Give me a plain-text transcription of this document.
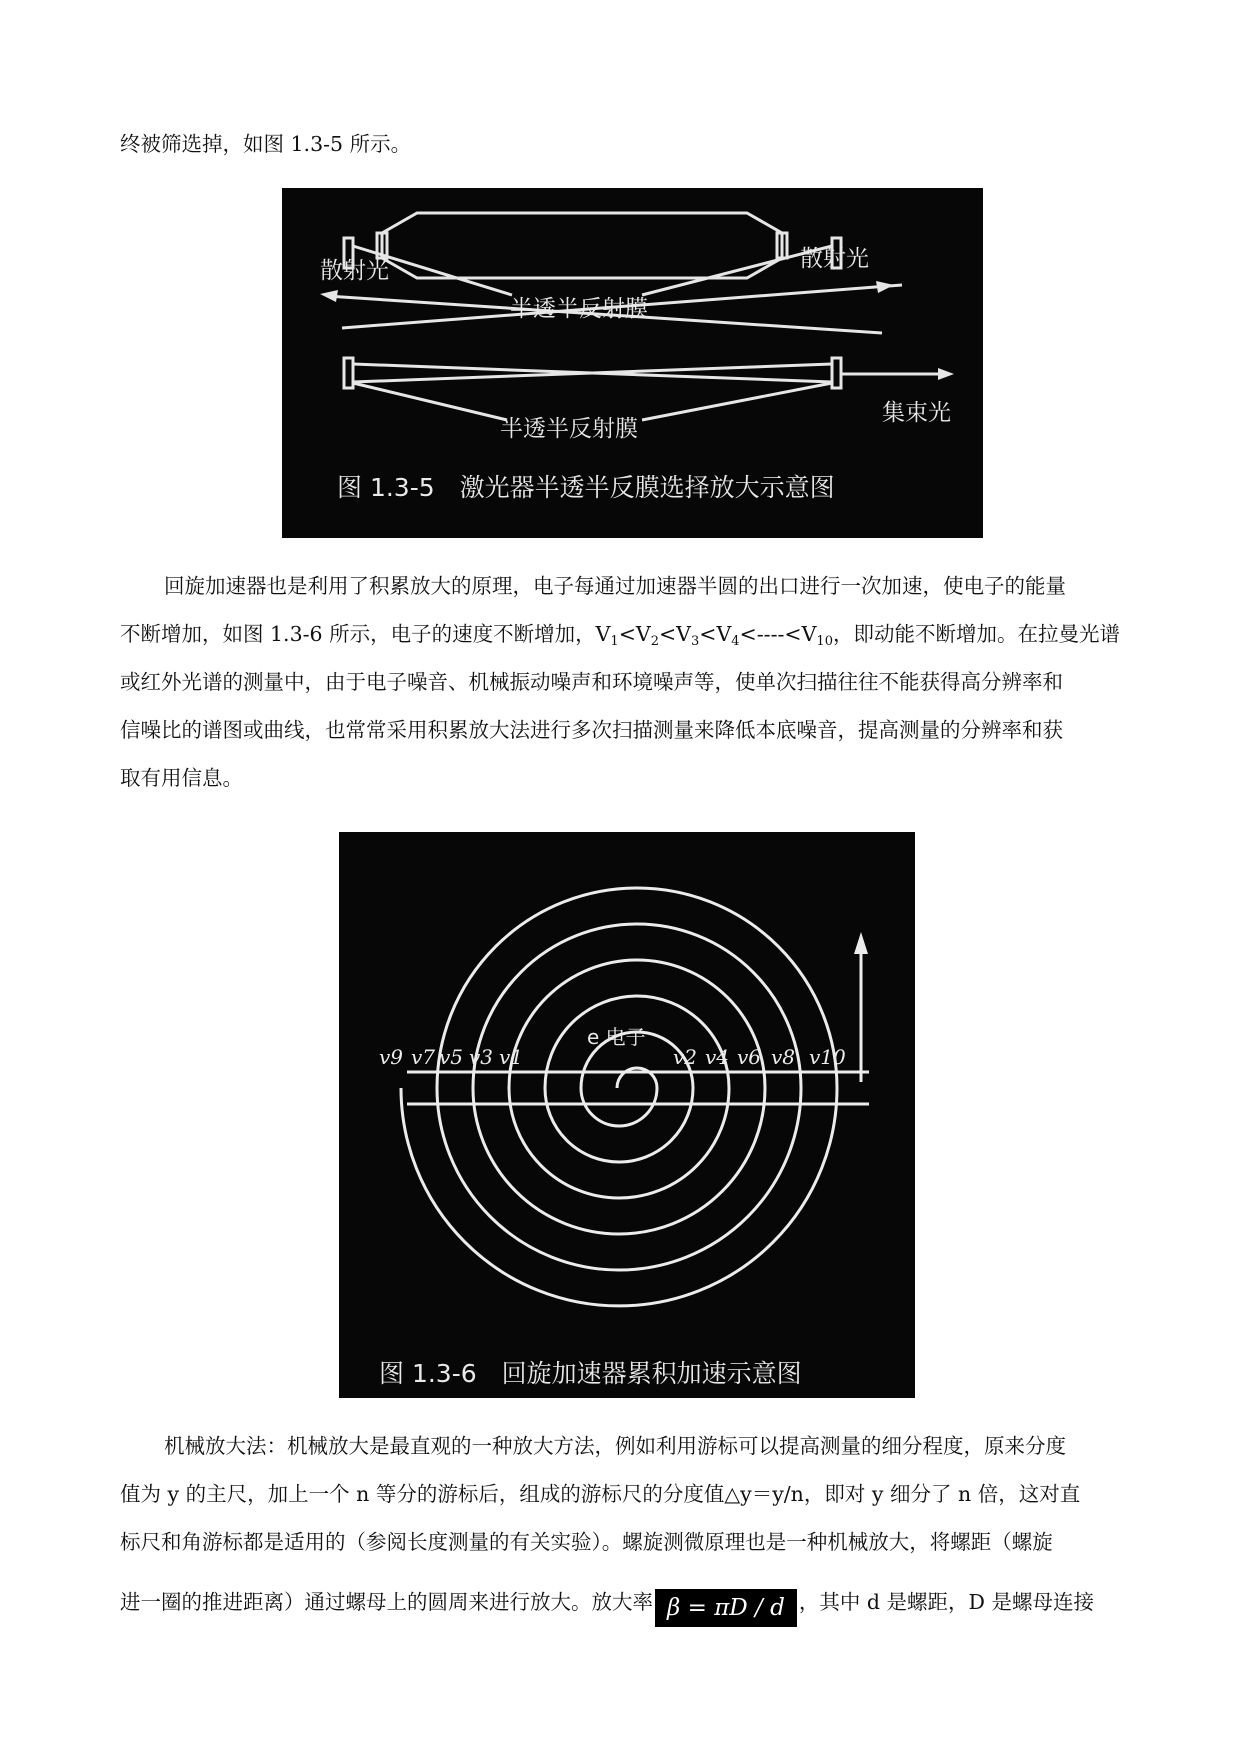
终被筛选掉，如图 1.3-5 所示。
散射光	散射光
半透半反射膜
半透半反射膜
集束光
图 1.3-5　激光器半透半反膜选择放大示意图
回旋加速器也是利用了积累放大的原理，电子每通过加速器半圆的出口进行一次加速，使电子的能量
不断增加，如图 1.3-6 所示，电子的速度不断增加，$V_1<V_2<V_3<V_4<----<V_{10}$，即动能不断增加。在拉曼光谱
或红外光谱的测量中，由于电子噪音、机械振动噪声和环境噪声等，使单次扫描往往不能获得高分辨率和
信噪比的谱图或曲线，也常常采用积累放大法进行多次扫描测量来降低本底噪音，提高测量的分辨率和获
取有用信息。
v9 v7 v5 v3 v1	v2 v4 v6 v8 v10
e 电子
图 1.3-6　回旋加速器累积加速示意图
机械放大法：机械放大是最直观的一种放大方法，例如利用游标可以提高测量的细分程度，原来分度
值为 y 的主尺，加上一个 n 等分的游标后，组成的游标尺的分度值△y＝y/n，即对 y 细分了 n 倍，这对直
标尺和角游标都是适用的（参阅长度测量的有关实验）。螺旋测微原理也是一种机械放大，将螺距（螺旋
进一圈的推进距离）通过螺母上的圆周来进行放大。放大率 β = πD / d ，其中 d 是螺距，D 是螺母连接
